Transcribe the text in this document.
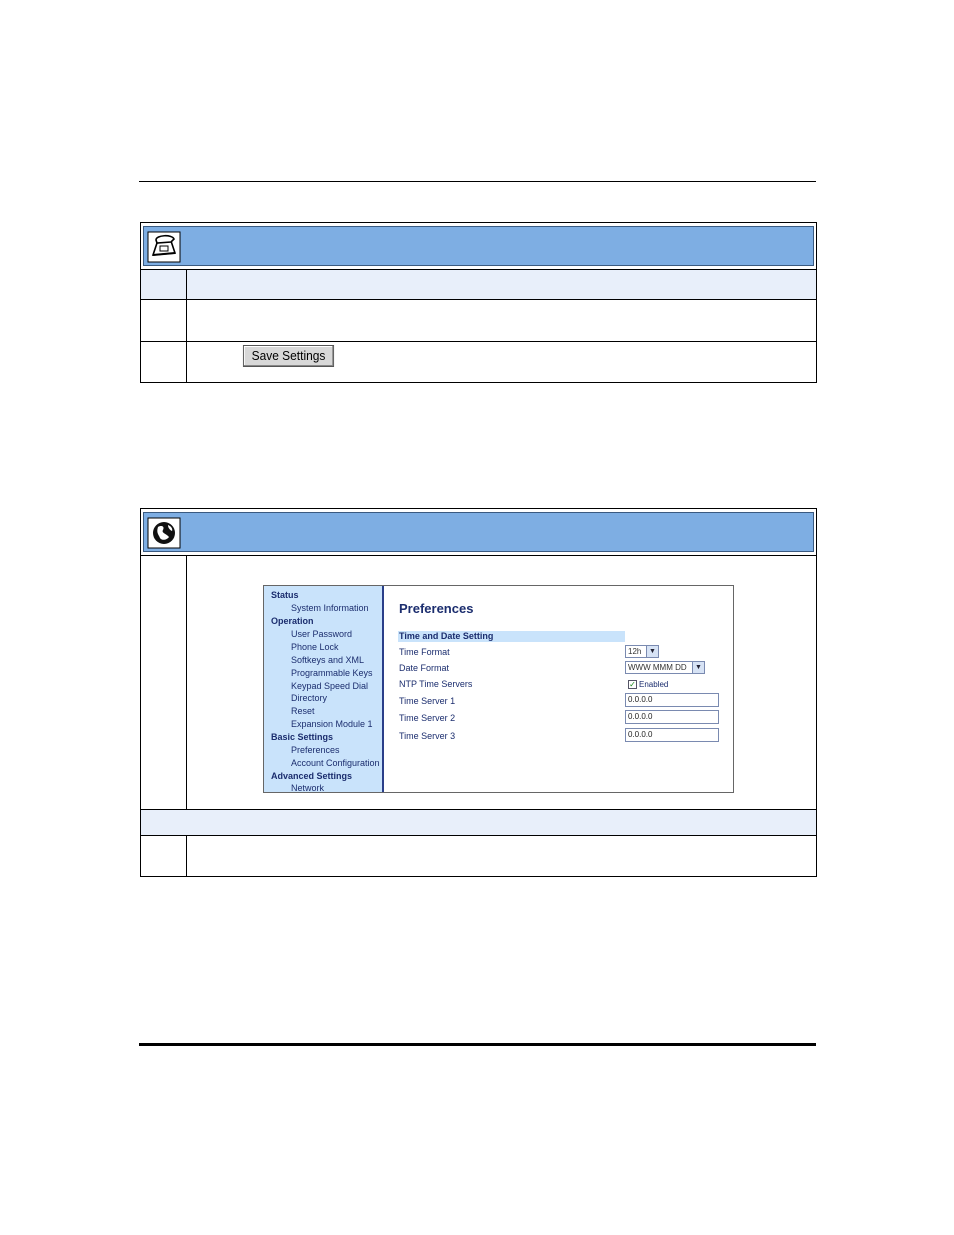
Save Settings
Status
System Information
Operation
User Password
Phone Lock
Softkeys and XML
Programmable Keys
Keypad Speed Dial
Directory
Reset
Expansion Module 1
Basic Settings
Preferences
Account Configuration
Advanced Settings
Network
Preferences
Time and Date Setting
Time Format	12h	▼
Date Format	WWW MMM DD	▼
NTP Time Servers	✓ Enabled
Time Server 1	0.0.0.0
Time Server 2	0.0.0.0
Time Server 3	0.0.0.0
